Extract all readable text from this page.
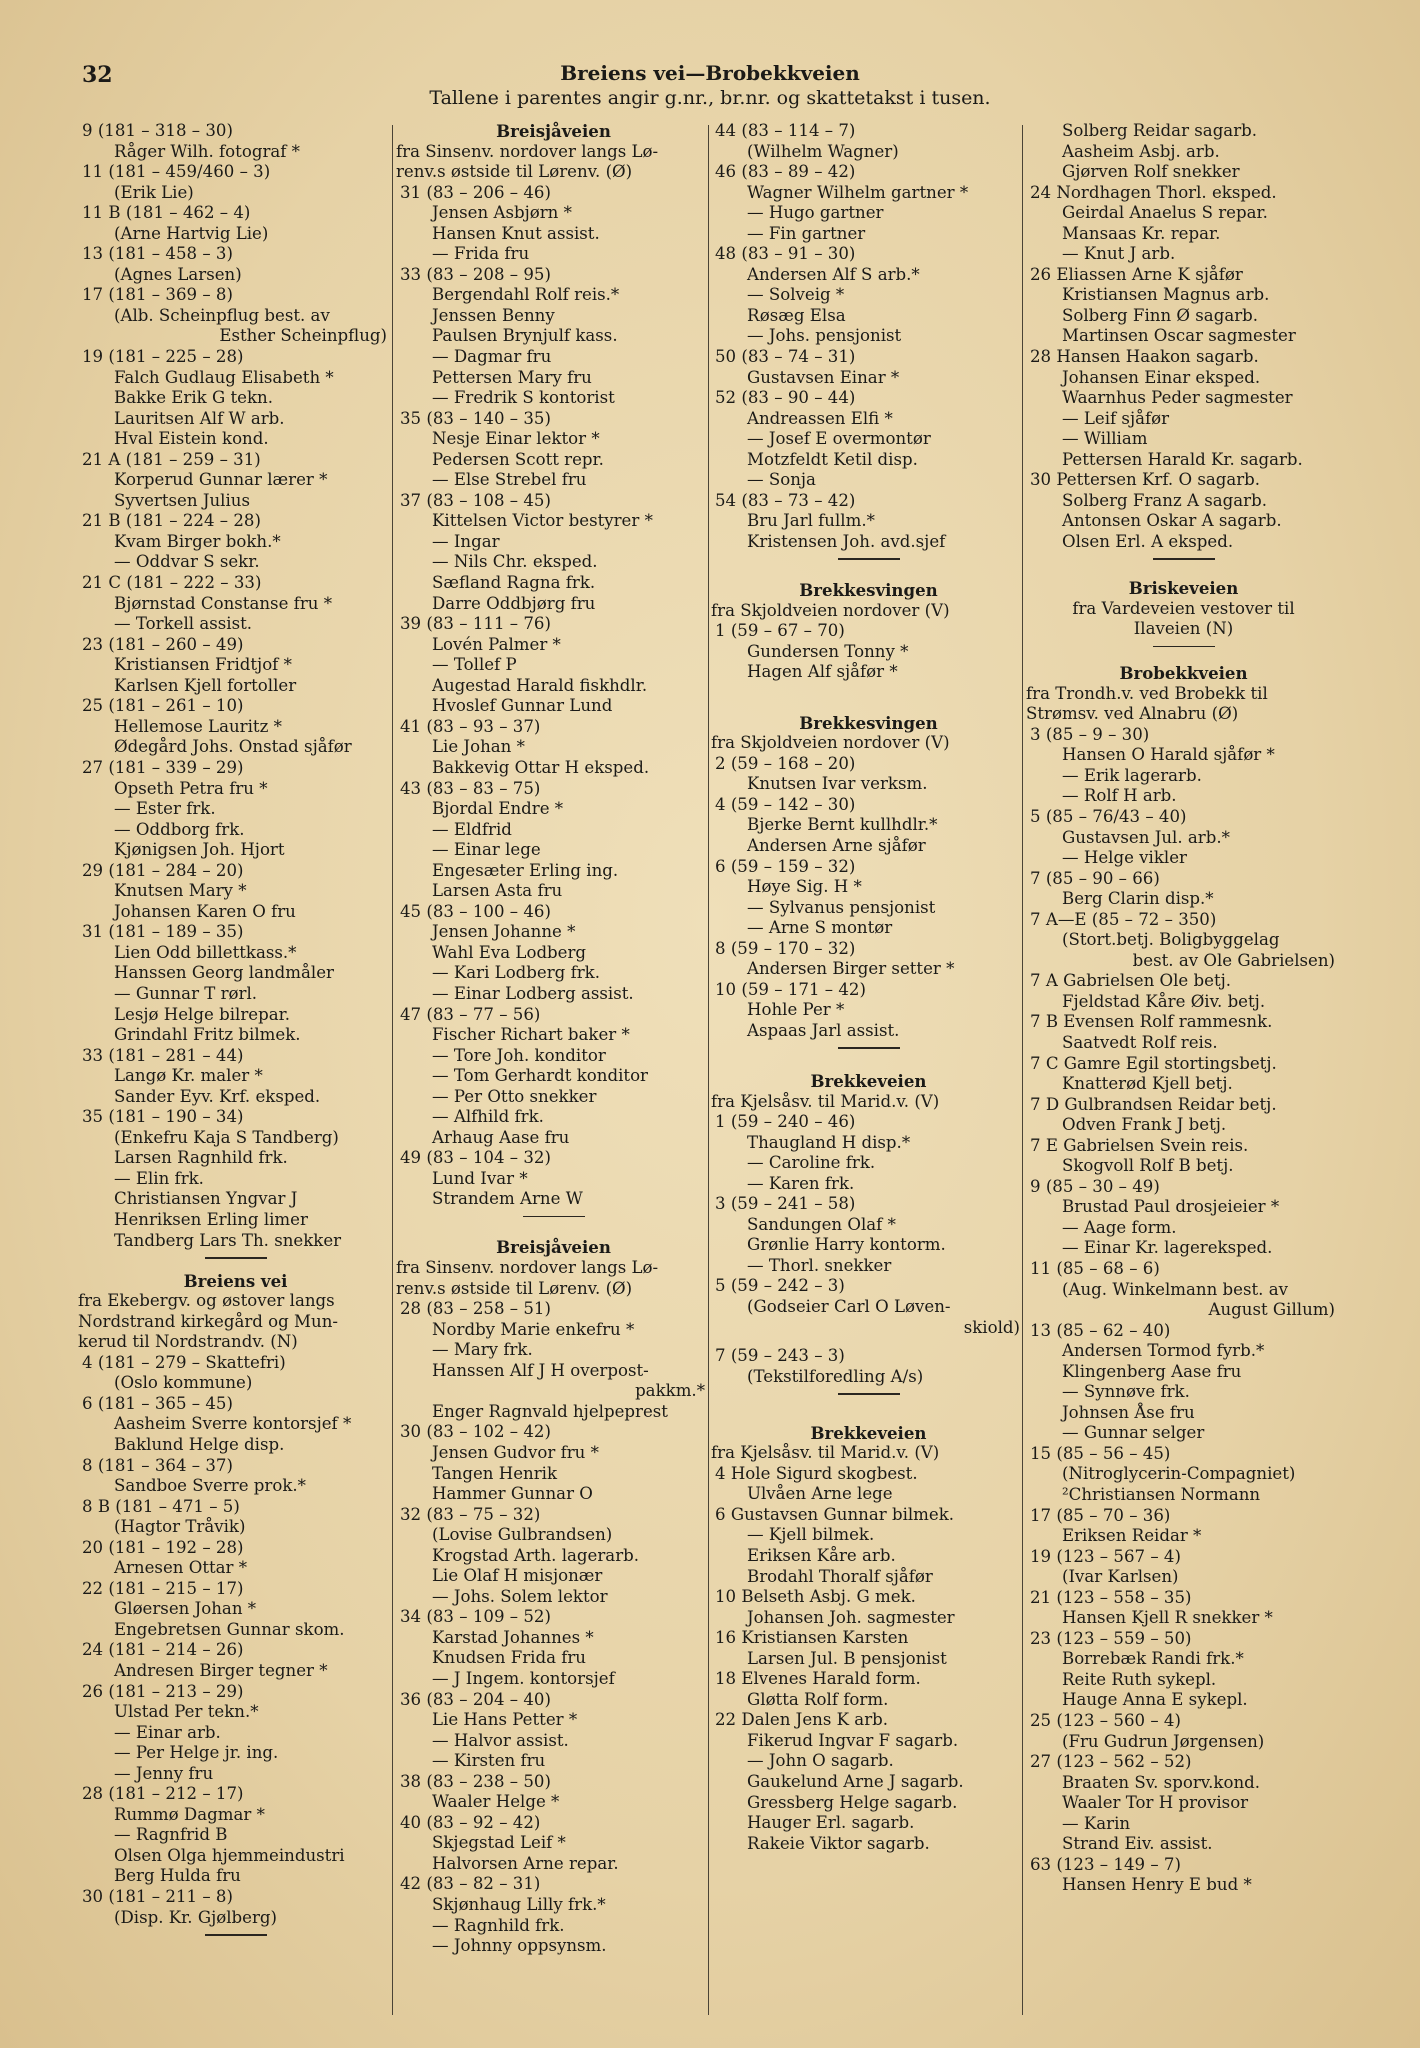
32	Breiens vei—Brobekkveien
Tallene i parentes angir g.nr., br.nr. og skattetakst i tusen.
9 (181 – 318 – 30)
Råger Wilh. fotograf *
11 (181 – 459/460 – 3)
(Erik Lie)
11 B (181 – 462 – 4)
(Arne Hartvig Lie)
13 (181 – 458 – 3)
(Agnes Larsen)
17 (181 – 369 – 8)
(Alb. Scheinpflug best. av
Esther Scheinpflug)
19 (181 – 225 – 28)
Falch Gudlaug Elisabeth *
Bakke Erik G tekn.
Lauritsen Alf W arb.
Hval Eistein kond.
21 A (181 – 259 – 31)
Korperud Gunnar lærer *
Syvertsen Julius
21 B (181 – 224 – 28)
Kvam Birger bokh.*
— Oddvar S sekr.
21 C (181 – 222 – 33)
Bjørnstad Constanse fru *
— Torkell assist.
23 (181 – 260 – 49)
Kristiansen Fridtjof *
Karlsen Kjell fortoller
25 (181 – 261 – 10)
Hellemose Lauritz *
Ødegård Johs. Onstad sjåfør
27 (181 – 339 – 29)
Opseth Petra fru *
— Ester frk.
— Oddborg frk.
Kjønigsen Joh. Hjort
29 (181 – 284 – 20)
Knutsen Mary *
Johansen Karen O fru
31 (181 – 189 – 35)
Lien Odd billettkass.*
Hanssen Georg landmåler
— Gunnar T rørl.
Lesjø Helge bilrepar.
Grindahl Fritz bilmek.
33 (181 – 281 – 44)
Langø Kr. maler *
Sander Eyv. Krf. eksped.
35 (181 – 190 – 34)
(Enkefru Kaja S Tandberg)
Larsen Ragnhild frk.
— Elin frk.
Christiansen Yngvar J
Henriksen Erling limer
Tandberg Lars Th. snekker
Breiens vei
fra Ekebergv. og østover langs
Nordstrand kirkegård og Mun-
kerud til Nordstrandv. (N)
4 (181 – 279 – Skattefri)
(Oslo kommune)
6 (181 – 365 – 45)
Aasheim Sverre kontorsjef *
Baklund Helge disp.
8 (181 – 364 – 37)
Sandboe Sverre prok.*
8 B (181 – 471 – 5)
(Hagtor Tråvik)
20 (181 – 192 – 28)
Arnesen Ottar *
22 (181 – 215 – 17)
Gløersen Johan *
Engebretsen Gunnar skom.
24 (181 – 214 – 26)
Andresen Birger tegner *
26 (181 – 213 – 29)
Ulstad Per tekn.*
— Einar arb.
— Per Helge jr. ing.
— Jenny fru
28 (181 – 212 – 17)
Rummø Dagmar *
— Ragnfrid B
Olsen Olga hjemmeindustri
Berg Hulda fru
30 (181 – 211 – 8)
(Disp. Kr. Gjølberg)
Breisjåveien
fra Sinsenv. nordover langs Lø-
renv.s østside til Lørenv. (Ø)
31 (83 – 206 – 46)
Jensen Asbjørn *
Hansen Knut assist.
— Frida fru
33 (83 – 208 – 95)
Bergendahl Rolf reis.*
Jenssen Benny
Paulsen Brynjulf kass.
— Dagmar fru
Pettersen Mary fru
— Fredrik S kontorist
35 (83 – 140 – 35)
Nesje Einar lektor *
Pedersen Scott repr.
— Else Strebel fru
37 (83 – 108 – 45)
Kittelsen Victor bestyrer *
— Ingar
— Nils Chr. eksped.
Sæfland Ragna frk.
Darre Oddbjørg fru
39 (83 – 111 – 76)
Lovén Palmer *
— Tollef P
Augestad Harald fiskhdlr.
Hvoslef Gunnar Lund
41 (83 – 93 – 37)
Lie Johan *
Bakkevig Ottar H eksped.
43 (83 – 83 – 75)
Bjordal Endre *
— Eldfrid
— Einar lege
Engesæter Erling ing.
Larsen Asta fru
45 (83 – 100 – 46)
Jensen Johanne *
Wahl Eva Lodberg
— Kari Lodberg frk.
— Einar Lodberg assist.
47 (83 – 77 – 56)
Fischer Richart baker *
— Tore Joh. konditor
— Tom Gerhardt konditor
— Per Otto snekker
— Alfhild frk.
Arhaug Aase fru
49 (83 – 104 – 32)
Lund Ivar *
Strandem Arne W
Breisjåveien
fra Sinsenv. nordover langs Lø-
renv.s østside til Lørenv. (Ø)
28 (83 – 258 – 51)
Nordby Marie enkefru *
— Mary frk.
Hanssen Alf J H overpost-
pakkm.*
Enger Ragnvald hjelpeprest
30 (83 – 102 – 42)
Jensen Gudvor fru *
Tangen Henrik
Hammer Gunnar O
32 (83 – 75 – 32)
(Lovise Gulbrandsen)
Krogstad Arth. lagerarb.
Lie Olaf H misjonær
— Johs. Solem lektor
34 (83 – 109 – 52)
Karstad Johannes *
Knudsen Frida fru
— J Ingem. kontorsjef
36 (83 – 204 – 40)
Lie Hans Petter *
— Halvor assist.
— Kirsten fru
38 (83 – 238 – 50)
Waaler Helge *
40 (83 – 92 – 42)
Skjegstad Leif *
Halvorsen Arne repar.
42 (83 – 82 – 31)
Skjønhaug Lilly frk.*
— Ragnhild frk.
— Johnny oppsynsm.
44 (83 – 114 – 7)
(Wilhelm Wagner)
46 (83 – 89 – 42)
Wagner Wilhelm gartner *
— Hugo gartner
— Fin gartner
48 (83 – 91 – 30)
Andersen Alf S arb.*
— Solveig *
Røsæg Elsa
— Johs. pensjonist
50 (83 – 74 – 31)
Gustavsen Einar *
52 (83 – 90 – 44)
Andreassen Elfi *
— Josef E overmontør
Motzfeldt Ketil disp.
— Sonja
54 (83 – 73 – 42)
Bru Jarl fullm.*
Kristensen Joh. avd.sjef
Brekkesvingen
fra Skjoldveien nordover (V)
1 (59 – 67 – 70)
Gundersen Tonny *
Hagen Alf sjåfør *
Brekkesvingen
fra Skjoldveien nordover (V)
2 (59 – 168 – 20)
Knutsen Ivar verksm.
4 (59 – 142 – 30)
Bjerke Bernt kullhdlr.*
Andersen Arne sjåfør
6 (59 – 159 – 32)
Høye Sig. H *
— Sylvanus pensjonist
— Arne S montør
8 (59 – 170 – 32)
Andersen Birger setter *
10 (59 – 171 – 42)
Hohle Per *
Aspaas Jarl assist.
Brekkeveien
fra Kjelsåsv. til Marid.v. (V)
1 (59 – 240 – 46)
Thaugland H disp.*
— Caroline frk.
— Karen frk.
3 (59 – 241 – 58)
Sandungen Olaf *
Grønlie Harry kontorm.
— Thorl. snekker
5 (59 – 242 – 3)
(Godseier Carl O Løven-
skiold)
7 (59 – 243 – 3)
(Tekstilforedling A/s)
Brekkeveien
fra Kjelsåsv. til Marid.v. (V)
4 Hole Sigurd skogbest.
Ulvåen Arne lege
6 Gustavsen Gunnar bilmek.
— Kjell bilmek.
Eriksen Kåre arb.
Brodahl Thoralf sjåfør
10 Belseth Asbj. G mek.
Johansen Joh. sagmester
16 Kristiansen Karsten
Larsen Jul. B pensjonist
18 Elvenes Harald form.
Gløtta Rolf form.
22 Dalen Jens K arb.
Fikerud Ingvar F sagarb.
— John O sagarb.
Gaukelund Arne J sagarb.
Gressberg Helge sagarb.
Hauger Erl. sagarb.
Rakeie Viktor sagarb.
Solberg Reidar sagarb.
Aasheim Asbj. arb.
Gjørven Rolf snekker
24 Nordhagen Thorl. eksped.
Geirdal Anaelus S repar.
Mansaas Kr. repar.
— Knut J arb.
26 Eliassen Arne K sjåfør
Kristiansen Magnus arb.
Solberg Finn Ø sagarb.
Martinsen Oscar sagmester
28 Hansen Haakon sagarb.
Johansen Einar eksped.
Waarnhus Peder sagmester
— Leif sjåfør
— William
Pettersen Harald Kr. sagarb.
30 Pettersen Krf. O sagarb.
Solberg Franz A sagarb.
Antonsen Oskar A sagarb.
Olsen Erl. A eksped.
Briskeveien
fra Vardeveien vestover til
Ilaveien (N)
Brobekkveien
fra Trondh.v. ved Brobekk til
Strømsv. ved Alnabru (Ø)
3 (85 – 9 – 30)
Hansen O Harald sjåfør *
— Erik lagerarb.
— Rolf H arb.
5 (85 – 76/43 – 40)
Gustavsen Jul. arb.*
— Helge vikler
7 (85 – 90 – 66)
Berg Clarin disp.*
7 A—E (85 – 72 – 350)
(Stort.betj. Boligbyggelag
best. av Ole Gabrielsen)
7 A Gabrielsen Ole betj.
Fjeldstad Kåre Øiv. betj.
7 B Evensen Rolf rammesnk.
Saatvedt Rolf reis.
7 C Gamre Egil stortingsbetj.
Knatterød Kjell betj.
7 D Gulbrandsen Reidar betj.
Odven Frank J betj.
7 E Gabrielsen Svein reis.
Skogvoll Rolf B betj.
9 (85 – 30 – 49)
Brustad Paul drosjeieier *
— Aage form.
— Einar Kr. lagereksped.
11 (85 – 68 – 6)
(Aug. Winkelmann best. av
August Gillum)
13 (85 – 62 – 40)
Andersen Tormod fyrb.*
Klingenberg Aase fru
— Synnøve frk.
Johnsen Åse fru
— Gunnar selger
15 (85 – 56 – 45)
(Nitroglycerin-Compagniet)
²Christiansen Normann
17 (85 – 70 – 36)
Eriksen Reidar *
19 (123 – 567 – 4)
(Ivar Karlsen)
21 (123 – 558 – 35)
Hansen Kjell R snekker *
23 (123 – 559 – 50)
Borrebæk Randi frk.*
Reite Ruth sykepl.
Hauge Anna E sykepl.
25 (123 – 560 – 4)
(Fru Gudrun Jørgensen)
27 (123 – 562 – 52)
Braaten Sv. sporv.kond.
Waaler Tor H provisor
— Karin
Strand Eiv. assist.
63 (123 – 149 – 7)
Hansen Henry E bud *
